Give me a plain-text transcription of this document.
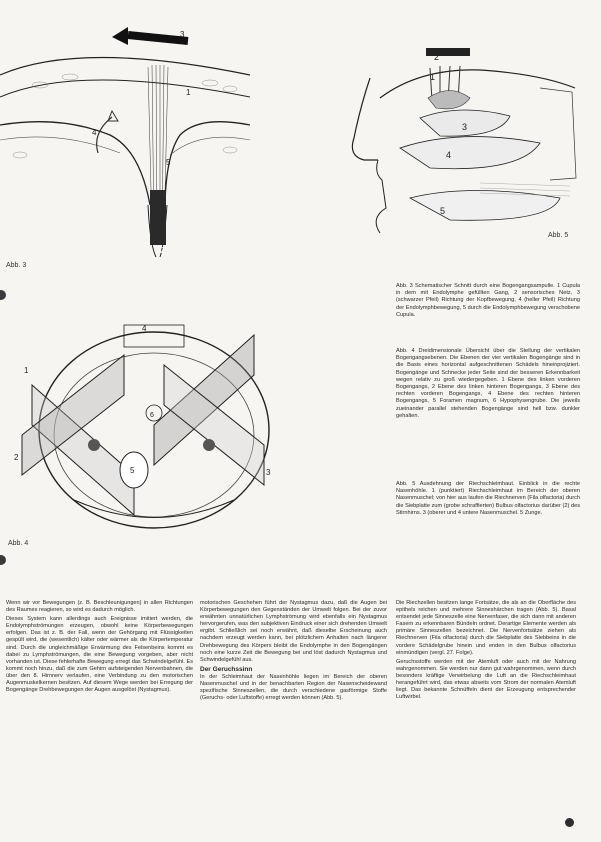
3
1
4
5
2
Abb. 3
2
1
3
4
5
Abb. 5
Abb. 3 Schematischer Schnitt durch eine Bogengangsampulle. 1 Cupula in dem mit Endolymphe gefüllten Gang, 2 sensorisches Netz, 3 (schwarzer Pfeil) Richtung der Kopfbewegung, 4 (heller Pfeil) Richtung der Endolymphbewegung, 5 durch die Endolymphbewegung verschobene Cupula.
Abb. 4 Dreidimensionale Übersicht über die Stellung der vertikalen Bogengangsebenen. Die Ebenen der vier vertikalen Bogengänge sind in die Basis eines horizontal aufgeschnittenen Schädels hineinprojiziert. Bogengänge und Schnecke jeder Seite sind der besseren Erkennbarkeit wegen relativ zu groß wiedergegeben. 1 Ebene des linken vorderen Bogengangs, 2 Ebene des linken hinteren Bogengangs, 3 Ebene des rechten vorderen Bogengangs, 4 Ebene des rechten hinteren Bogengangs, 5 Foramen magnum, 6 Hypophysengrube. Die jeweils zueinander parallel stehenden Bogengänge sind hell bzw. dunkler gehalten.
Abb. 5 Ausdehnung der Riechschleimhaut. Einblick in die rechte Nasenhöhle. 1 (punktiert) Riechschleimhaut im Bereich der oberen Nasenmuschel; von hier aus laufen die Riechnerven (Fila olfactoria) durch die Siebplatte zum (grobe schraffierten) Bulbus olfactorius darüber (2) des Stirnhirns. 3 (oberer und 4 untere Nasenmuschel. 5 Zunge.
1
2
3
4
5
6
Abb. 4

Wenn wir vor Bewegungen (z. B. Beschleunigungen) in allen Richtungen des Raumes reagieren, so wird es dadurch möglich.

Dieses System kann allerdings auch Ereignisse imitiert werden, die Endolymphströmungen erzeugen, obwohl keine Körperbewegungen erfolgen. Das ist z. B. der Fall, wenn der Gehörgang mit Flüssigkeiten gespült wird, die (wesentlich) kälter oder wärmer als die Körpertemperatur sind. Durch die ungleichmäßige Erwärmung des Felsenbeins kommt es dabei zu Lymphströmungen, die eine Bewegung vorgeben, aber nicht vorhanden ist. Diese fehlerhafte Bewegung erregt das Schwindelgefühl. Es kommt noch hinzu, daß die zum Gehirn aufsteigenden Nervenbahnen, die über den 8. Hirnnerv verlaufen, eine Verbindung zu den motorischen Augenmuskelkernen besitzen. Auf diesem Wege werden bei Erregung der Bogengänge Drehbewegungen der Augen ausgelöst (Nystagmus).

motorischen Geschehen führt der Nystagmus dazu, daß die Augen bei Körperbewegungen den Gegenständen der Umwelt folgen. Bei der zuvor erwähnten unnatürlichen Lymphströmung wird ebenfalls ein Nystagmus hervorgerufen, was den subjektiven Eindruck einer sich drehenden Umwelt ergibt. Schließlich sei noch erwähnt, daß dieselbe Erscheinung auch nachdem erzeugt werden kann, bei plötzlichem Anhalten nach längerer Drehbewegung des Körpers bleibt die Endolymphe in den Bogengängen noch eine kurze Zeit die Bewegung bei und löst dadurch Nystagmus und Schwindelgefühl aus.

Der Geruchssinn

In der Schleimhaut der Nasenhöhle liegen im Bereich der oberen Nasenmuschel und in der benachbarten Region der Nasenscheidewand spezifische Sinneszellen, die durch verschiedene gasförmige Stoffe (Geruchs- oder Luftstoffe) erregt werden können (Abb. 5).

Die Riechzellen besitzen lange Fortsätze, die als an die Oberfläche des epithels reichen und mehrere Sinneshärchen tragen (Abb. 5). Basal entsendet jede Sinneszelle eine Nervenfaser, die sich dann mit anderen Fasern zu erkennbaren Bündeln ordnet. Derartige Elemente werden als primäre Sinneszellen bezeichnet. Die Nervenfortsätze ziehen als Riechnerven (Fila olfactoria) durch die Siebplatte des Siebbeins in die vordere Schädelgrube hinein und enden in den Bulbus olfactorius einmündigen (vergl. 27. Folge).

Geruchsstoffe werden mit der Atemluft oder auch mit der Nahrung wahrgenommen. Sie werden nur dann gut wahrgenommen, wenn durch besonders kräftige Verwirbelung die Luft an die Riechschleimhaut herangeführt wird, das etwas abseits vom Strom der normalen Atemluft liegt. Das bekannte Schnüffeln dient der Erzeugung entsprechender Luftwirbel.
